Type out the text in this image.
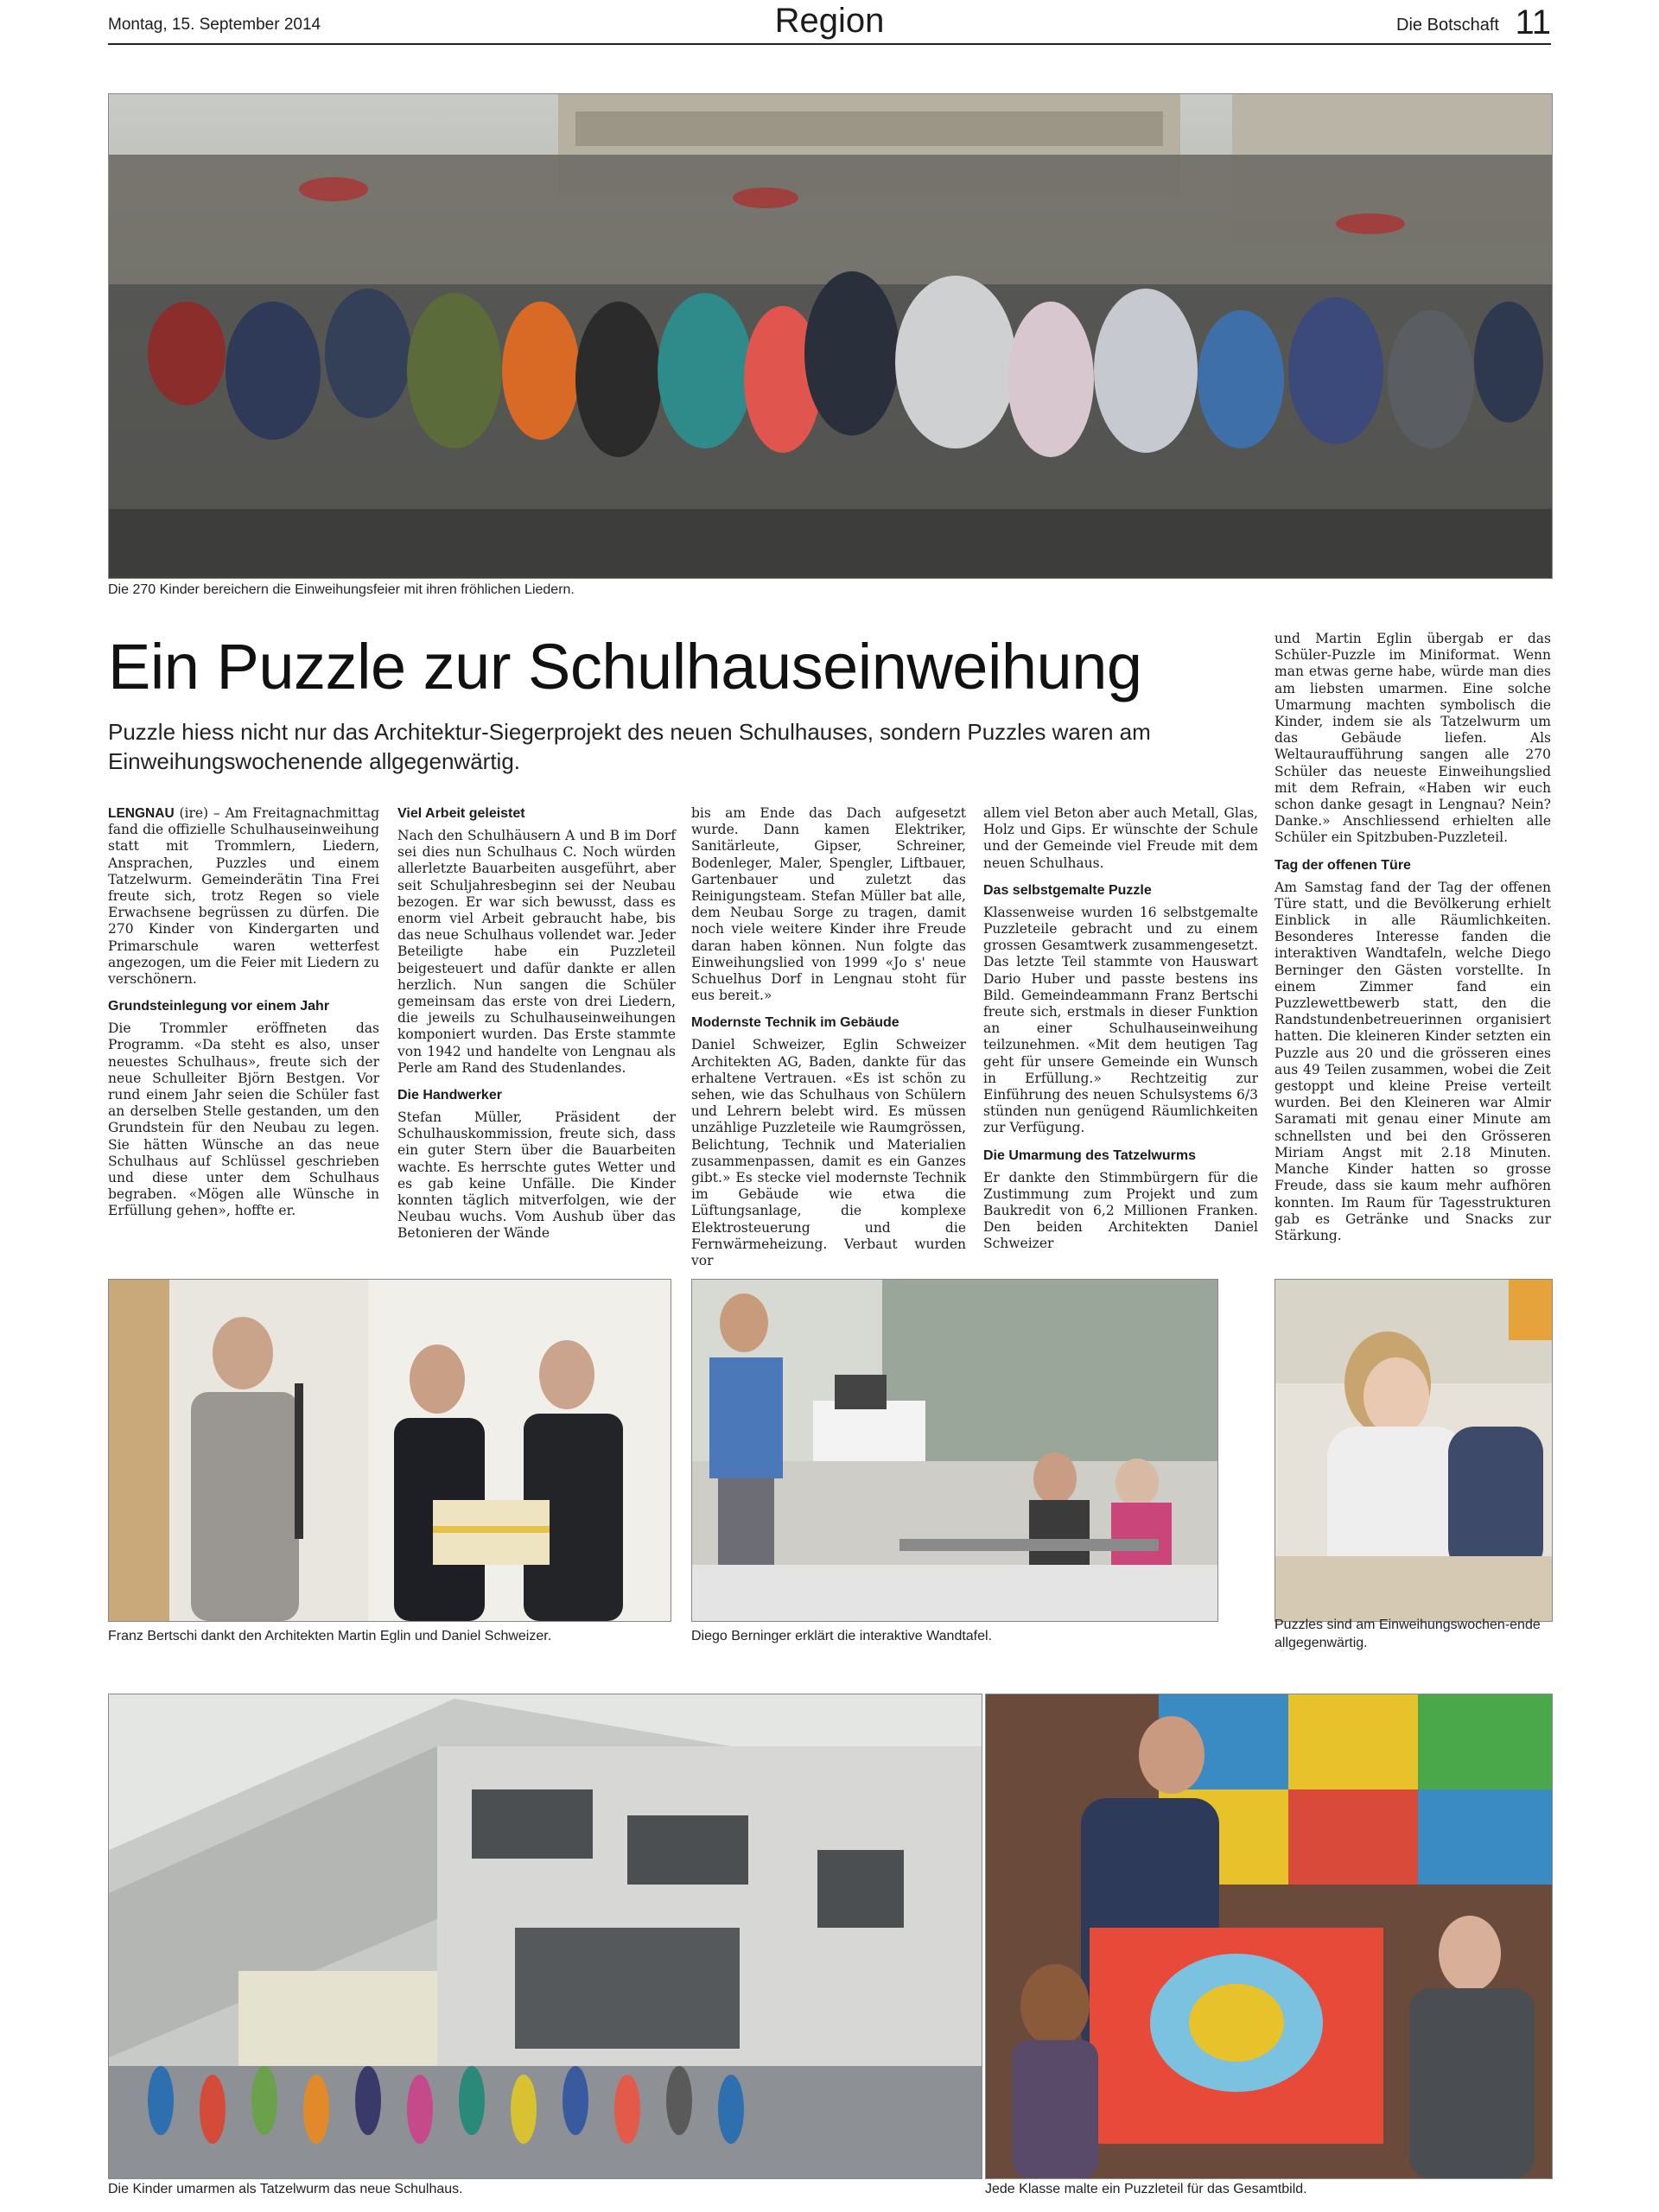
Montag, 15. September 2014	Region	Die Botschaft 11
Die 270 Kinder bereichern die Einweihungsfeier mit ihren fröhlichen Liedern.
Ein Puzzle zur Schulhauseinweihung

Puzzle hiess nicht nur das Architektur-Siegerprojekt des neuen Schulhauses, sondern Puzzles waren am Einweihungswochenende allgegenwärtig.

und Martin Eglin übergab er das Schüler-Puzzle im Miniformat. Wenn man etwas gerne habe, würde man dies am liebsten umarmen. Eine solche Umarmung machten symbolisch die Kinder, indem sie als Tatzelwurm um das Gebäude liefen. Als Weltauraufführung sangen alle 270 Schüler das neueste Einweihungslied mit dem Refrain, «Haben wir euch schon danke gesagt in Lengnau? Nein? Danke.» Anschliessend erhielten alle Schüler ein Spitzbuben-Puzzleteil.

Tag der offenen Türe

Am Samstag fand der Tag der offenen Türe statt, und die Bevölkerung erhielt Einblick in alle Räumlichkeiten. Besonderes Interesse fanden die interaktiven Wandtafeln, welche Diego Berninger den Gästen vorstellte. In einem Zimmer fand ein Puzzlewettbewerb statt, den die Randstundenbetreuerinnen organisiert hatten. Die kleineren Kinder setzten ein Puzzle aus 20 und die grösseren eines aus 49 Teilen zusammen, wobei die Zeit gestoppt und kleine Preise verteilt wurden. Bei den Kleineren war Almir Saramati mit genau einer Minute am schnellsten und bei den Grösseren Miriam Angst mit 2.18 Minuten. Manche Kinder hatten so grosse Freude, dass sie kaum mehr aufhören konnten. Im Raum für Tagesstrukturen gab es Getränke und Snacks zur Stärkung.

LENGNAU (ire) – Am Freitagnachmittag fand die offizielle Schulhauseinweihung statt mit Trommlern, Liedern, Ansprachen, Puzzles und einem Tatzelwurm. Gemeinderätin Tina Frei freute sich, trotz Regen so viele Erwachsene begrüssen zu dürfen. Die 270 Kinder von Kindergarten und Primarschule waren wetterfest angezogen, um die Feier mit Liedern zu verschönern.

Grundsteinlegung vor einem Jahr

Die Trommler eröffneten das Programm. «Da steht es also, unser neuestes Schulhaus», freute sich der neue Schulleiter Björn Bestgen. Vor rund einem Jahr seien die Schüler fast an derselben Stelle gestanden, um den Grundstein für den Neubau zu legen. Sie hätten Wünsche an das neue Schulhaus auf Schlüssel geschrieben und diese unter dem Schulhaus begraben. «Mögen alle Wünsche in Erfüllung gehen», hoffte er.

Viel Arbeit geleistet

Nach den Schulhäusern A und B im Dorf sei dies nun Schulhaus C. Noch würden allerletzte Bauarbeiten ausgeführt, aber seit Schuljahresbeginn sei der Neubau bezogen. Er war sich bewusst, dass es enorm viel Arbeit gebraucht habe, bis das neue Schulhaus vollendet war. Jeder Beteiligte habe ein Puzzleteil beigesteuert und dafür dankte er allen herzlich. Nun sangen die Schüler gemeinsam das erste von drei Liedern, die jeweils zu Schulhauseinweihungen komponiert wurden. Das Erste stammte von 1942 und handelte von Lengnau als Perle am Rand des Studenlandes.

Die Handwerker

Stefan Müller, Präsident der Schulhauskommission, freute sich, dass ein guter Stern über die Bauarbeiten wachte. Es herrschte gutes Wetter und es gab keine Unfälle. Die Kinder konnten täglich mitverfolgen, wie der Neubau wuchs. Vom Aushub über das Betonieren der Wände

bis am Ende das Dach aufgesetzt wurde. Dann kamen Elektriker, Sanitärleute, Gipser, Schreiner, Bodenleger, Maler, Spengler, Liftbauer, Gartenbauer und zuletzt das Reinigungsteam. Stefan Müller bat alle, dem Neubau Sorge zu tragen, damit noch viele weitere Kinder ihre Freude daran haben können. Nun folgte das Einweihungslied von 1999 «Jo s' neue Schuelhus Dorf in Lengnau stoht für eus bereit.»

Modernste Technik im Gebäude

Daniel Schweizer, Eglin Schweizer Architekten AG, Baden, dankte für das erhaltene Vertrauen. «Es ist schön zu sehen, wie das Schulhaus von Schülern und Lehrern belebt wird. Es müssen unzählige Puzzleteile wie Raumgrössen, Belichtung, Technik und Materialien zusammenpassen, damit es ein Ganzes gibt.» Es stecke viel modernste Technik im Gebäude wie etwa die Lüftungsanlage, die komplexe Elektrosteuerung und die Fernwärmeheizung. Verbaut wurden vor

allem viel Beton aber auch Metall, Glas, Holz und Gips. Er wünschte der Schule und der Gemeinde viel Freude mit dem neuen Schulhaus.

Das selbstgemalte Puzzle

Klassenweise wurden 16 selbstgemalte Puzzleteile gebracht und zu einem grossen Gesamtwerk zusammengesetzt. Das letzte Teil stammte von Hauswart Dario Huber und passte bestens ins Bild. Gemeindeammann Franz Bertschi freute sich, erstmals in dieser Funktion an einer Schulhauseinweihung teilzunehmen. «Mit dem heutigen Tag geht für unsere Gemeinde ein Wunsch in Erfüllung.» Rechtzeitig zur Einführung des neuen Schulsystems 6/3 stünden nun genügend Räumlichkeiten zur Verfügung.

Die Umarmung des Tatzelwurms

Er dankte den Stimmbürgern für die Zustimmung zum Projekt und zum Baukredit von 6,2 Millionen Franken. Den beiden Architekten Daniel Schweizer

Franz Bertschi dankt den Architekten Martin Eglin und Daniel Schweizer.	Diego Berninger erklärt die interaktive Wandtafel.
Puzzles sind am Einweihungswochen-ende allgegenwärtig.
Die Kinder umarmen als Tatzelwurm das neue Schulhaus.	Jede Klasse malte ein Puzzleteil für das Gesamtbild.
